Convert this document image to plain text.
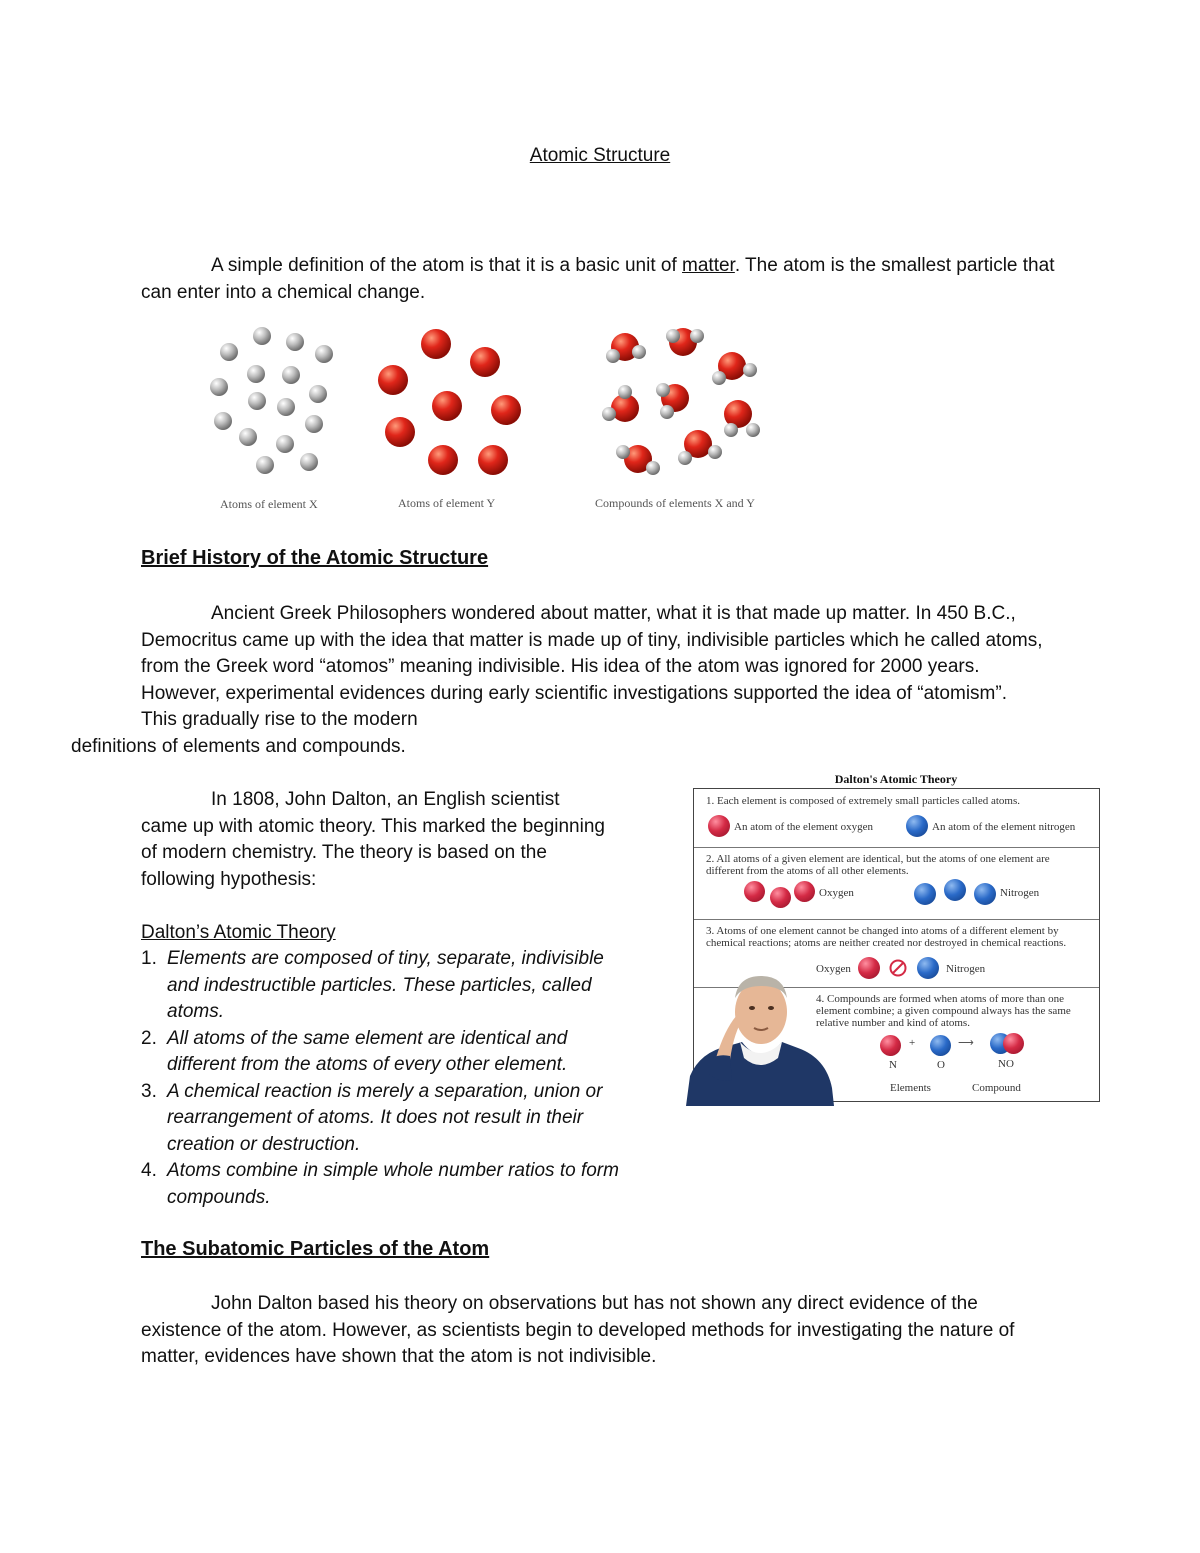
Atomic Structure
A simple definition of the atom is that it is a basic unit of matter. The atom is the smallest particle that can enter into a chemical change.
Atoms of element X	Atoms of element Y	Compounds of elements X and Y
Brief History of the Atomic Structure
Ancient Greek Philosophers wondered about matter, what it is that made up matter. In 450 B.C., Democritus came up with the idea that matter is made up of tiny, indivisible particles which he called atoms, from the Greek word “atomos” meaning indivisible. His idea of the atom was ignored for 2000 years. However, experimental evidences during early scientific investigations supported the idea of “atomism”. This gradually rise to the modern
definitions of elements and compounds.
In 1808, John Dalton, an English scientist came up with atomic theory. This marked the beginning of modern chemistry. The theory is based on the following hypothesis:
Dalton’s Atomic Theory
1. Elements are composed of tiny, separate, indivisible and indestructible particles. These particles, called atoms.
2. All atoms of the same element are identical and different from the atoms of every other element.
3. A chemical reaction is merely a separation, union or rearrangement of atoms. It does not result in their creation or destruction.
4. Atoms combine in simple whole number ratios to form compounds.
Dalton's Atomic Theory
1. Each element is composed of extremely small particles called atoms.
An atom of the element oxygen	An atom of the element nitrogen
2. All atoms of a given element are identical, but the atoms of one element are different from the atoms of all other elements.
Oxygen	Nitrogen
3. Atoms of one element cannot be changed into atoms of a different element by chemical reactions; atoms are neither created nor destroyed in chemical reactions.
Oxygen	Nitrogen
4. Compounds are formed when atoms of more than one element combine; a given compound always has the same relative number and kind of atoms.
+	⟶
N	O	NO
Elements	Compound
The Subatomic Particles of the Atom
John Dalton based his theory on observations but has not shown any direct evidence of the existence of the atom. However, as scientists begin to developed methods for investigating the nature of matter, evidences have shown that the atom is not indivisible.
